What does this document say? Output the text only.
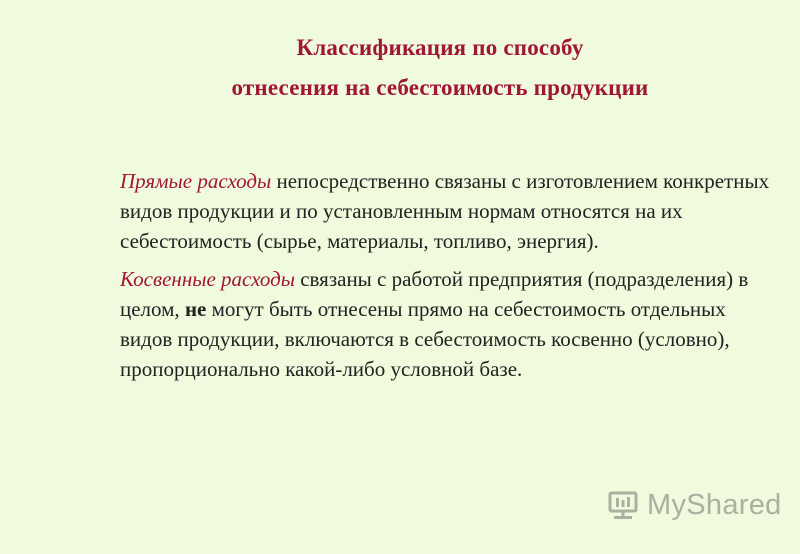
Классификация по способу
отнесения на себестоимость продукции

Прямые расходы непосредственно связаны с изготовлением конкретных видов продукции и по установленным нормам относятся на их себестоимость (сырье, материалы, топливо, энергия).

Косвенные расходы связаны с работой предприятия (подразделения) в целом, не могут быть отнесены прямо на себестоимость отдельных видов продукции, включаются в себестоимость косвенно (условно), пропорционально какой-либо условной базе.

MyShared
